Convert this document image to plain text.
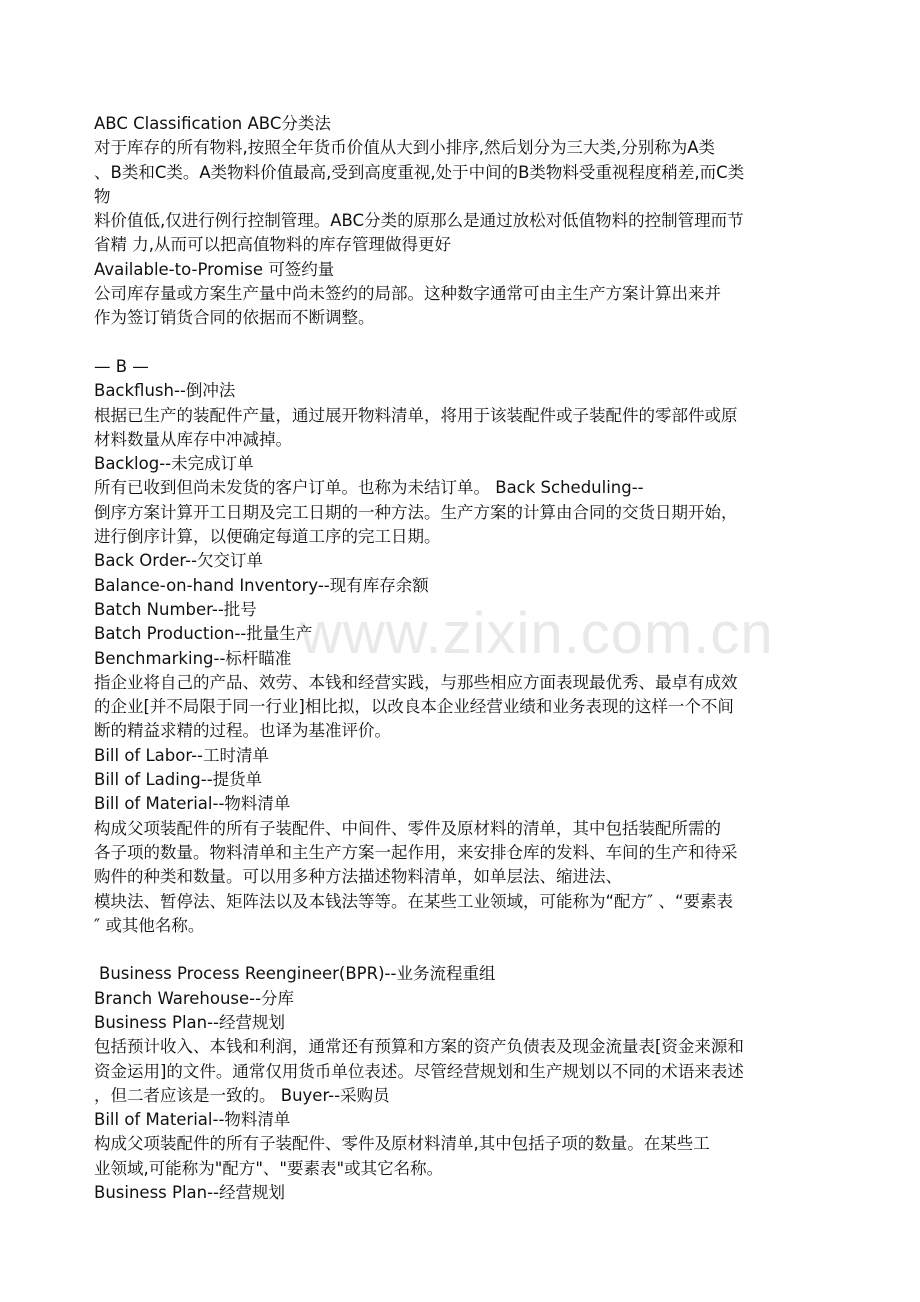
ABC Classification ABC分类法
对于库存的所有物料,按照全年货币价值从大到小排序,然后划分为三大类,分别称为A类
、B类和C类。A类物料价值最高,受到高度重视,处于中间的B类物料受重视程度稍差,而C类
物
料价值低,仅进行例行控制管理。ABC分类的原那么是通过放松对低值物料的控制管理而节
省精 力,从而可以把高值物料的库存管理做得更好
Available-to-Promise 可签约量
公司库存量或方案生产量中尚未签约的局部。这种数字通常可由主生产方案计算出来并
作为签订销货合同的依据而不断调整。
— B —
Backflush--倒冲法
根据已生产的装配件产量，通过展开物料清单，将用于该装配件或子装配件的零部件或原
材料数量从库存中冲减掉。
Backlog--未完成订单
所有已收到但尚未发货的客户订单。也称为未结订单。 Back Scheduling--
倒序方案计算开工日期及完工日期的一种方法。生产方案的计算由合同的交货日期开始，
进行倒序计算，以便确定每道工序的完工日期。
Back Order--欠交订单
Balance-on-hand Inventory--现有库存余额
Batch Number--批号
Batch Production--批量生产
Benchmarking--标杆瞄准
指企业将自己的产品、效劳、本钱和经营实践，与那些相应方面表现最优秀、最卓有成效
的企业[并不局限于同一行业]相比拟，以改良本企业经营业绩和业务表现的这样一个不间
断的精益求精的过程。也译为基准评价。
Bill of Labor--工时清单
Bill of Lading--提货单
Bill of Material--物料清单
构成父项装配件的所有子装配件、中间件、零件及原材料的清单，其中包括装配所需的
各子项的数量。物料清单和主生产方案一起作用，来安排仓库的发料、车间的生产和待采
购件的种类和数量。可以用多种方法描述物料清单，如单层法、缩进法、
模块法、暂停法、矩阵法以及本钱法等等。在某些工业领域，可能称为“配方″ 、“要素表
″ 或其他名称。
Business Process Reengineer(BPR)--业务流程重组
Branch Warehouse--分库
Business Plan--经营规划
包括预计收入、本钱和利润，通常还有预算和方案的资产负债表及现金流量表[资金来源和
资金运用]的文件。通常仅用货币单位表述。尽管经营规划和生产规划以不同的术语来表述
，但二者应该是一致的。 Buyer--采购员
Bill of Material--物料清单
构成父项装配件的所有子装配件、零件及原材料清单,其中包括子项的数量。在某些工
业领域,可能称为"配方"、"要素表"或其它名称。
Business Plan--经营规划
www.zixin.com.cn
